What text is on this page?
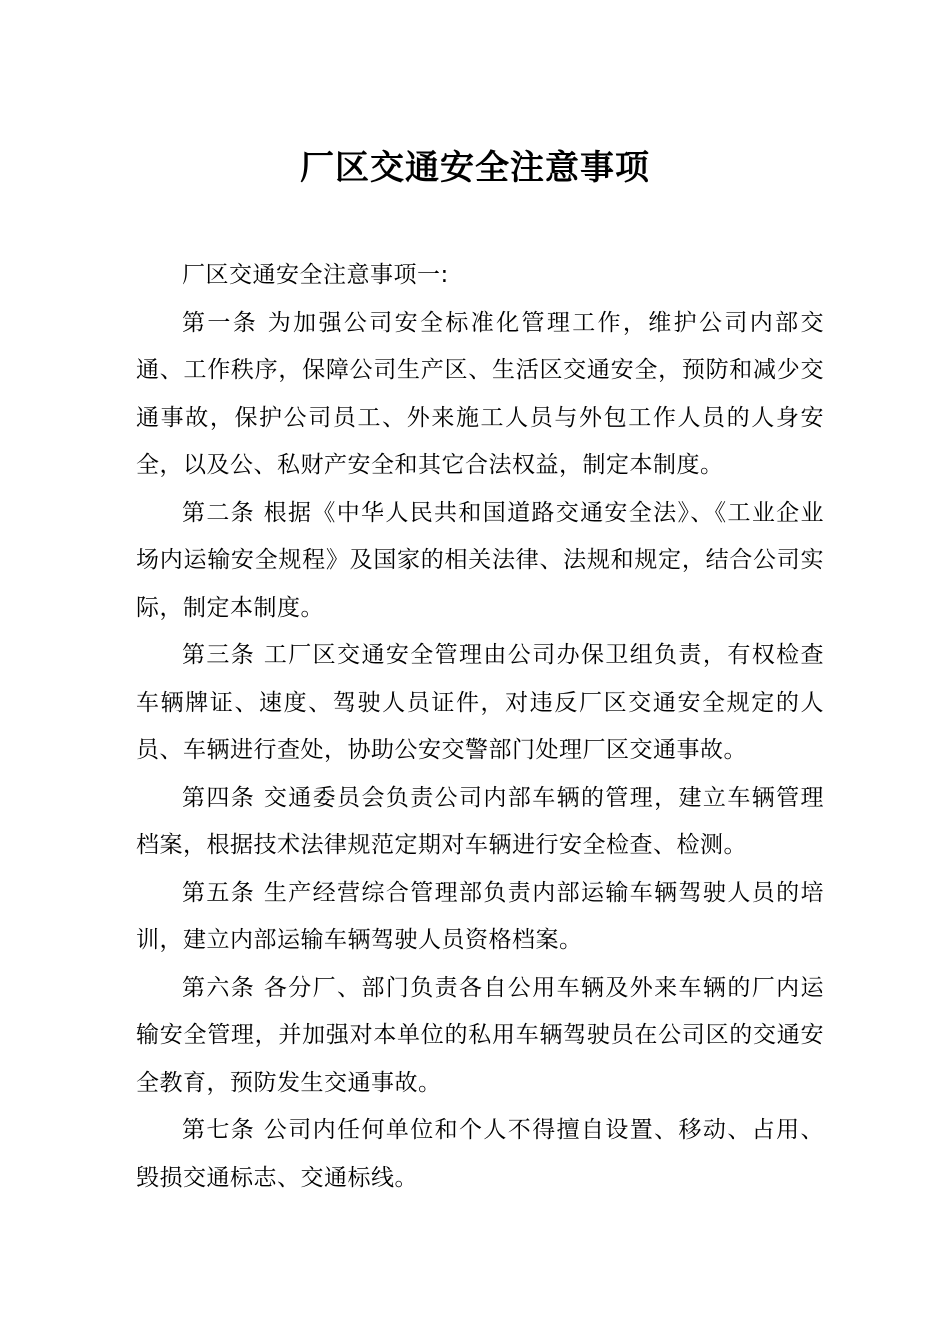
厂区交通安全注意事项

厂区交通安全注意事项一:

第一条 为加强公司安全标准化管理工作，维护公司内部交通、工作秩序，保障公司生产区、生活区交通安全，预防和减少交通事故，保护公司员工、外来施工人员与外包工作人员的人身安全，以及公、私财产安全和其它合法权益，制定本制度。

第二条 根据《中华人民共和国道路交通安全法》、《工业企业场内运输安全规程》及国家的相关法律、法规和规定，结合公司实际，制定本制度。

第三条 工厂区交通安全管理由公司办保卫组负责，有权检查车辆牌证、速度、驾驶人员证件，对违反厂区交通安全规定的人员、车辆进行查处，协助公安交警部门处理厂区交通事故。

第四条 交通委员会负责公司内部车辆的管理，建立车辆管理档案，根据技术法律规范定期对车辆进行安全检查、检测。

第五条 生产经营综合管理部负责内部运输车辆驾驶人员的培训，建立内部运输车辆驾驶人员资格档案。

第六条 各分厂、部门负责各自公用车辆及外来车辆的厂内运输安全管理，并加强对本单位的私用车辆驾驶员在公司区的交通安全教育，预防发生交通事故。

第七条 公司内任何单位和个人不得擅自设置、移动、占用、毁损交通标志、交通标线。
